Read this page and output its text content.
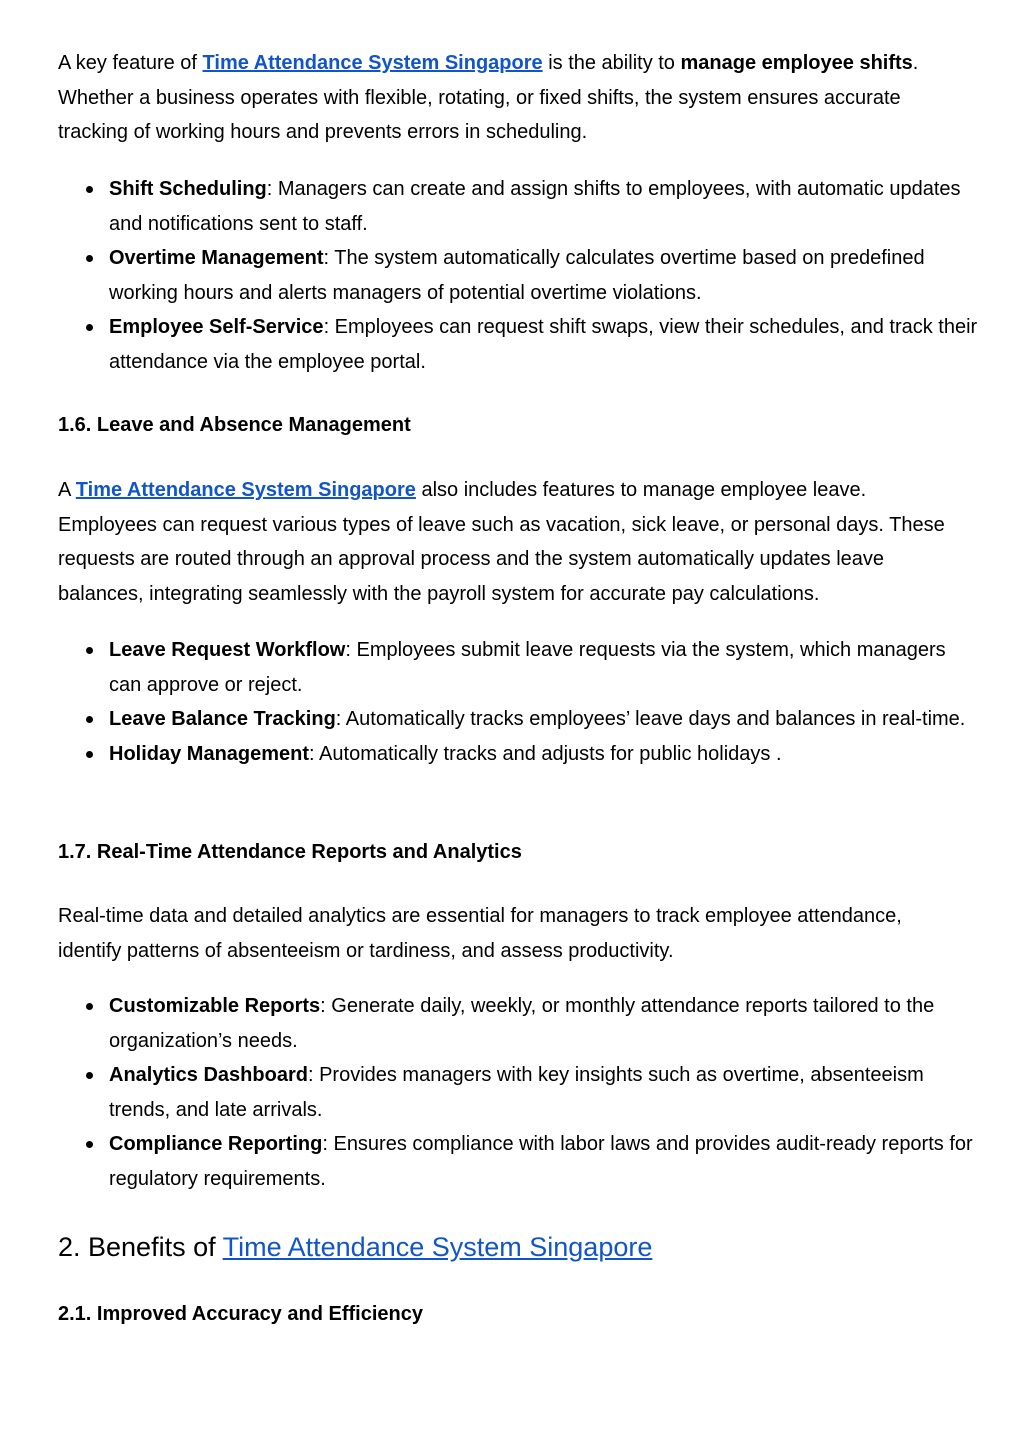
A key feature of Time Attendance System Singapore is the ability to manage employee shifts. Whether a business operates with flexible, rotating, or fixed shifts, the system ensures accurate tracking of working hours and prevents errors in scheduling.

Shift Scheduling: Managers can create and assign shifts to employees, with automatic updates and notifications sent to staff.
Overtime Management: The system automatically calculates overtime based on predefined working hours and alerts managers of potential overtime violations.
Employee Self-Service: Employees can request shift swaps, view their schedules, and track their attendance via the employee portal.
1.6. Leave and Absence Management

A Time Attendance System Singapore also includes features to manage employee leave. Employees can request various types of leave such as vacation, sick leave, or personal days. These requests are routed through an approval process and the system automatically updates leave balances, integrating seamlessly with the payroll system for accurate pay calculations.

Leave Request Workflow: Employees submit leave requests via the system, which managers can approve or reject.
Leave Balance Tracking: Automatically tracks employees’ leave days and balances in real-time.
Holiday Management: Automatically tracks and adjusts for public holidays .
1.7. Real-Time Attendance Reports and Analytics

Real-time data and detailed analytics are essential for managers to track employee attendance, identify patterns of absenteeism or tardiness, and assess productivity.

Customizable Reports: Generate daily, weekly, or monthly attendance reports tailored to the organization’s needs.
Analytics Dashboard: Provides managers with key insights such as overtime, absenteeism trends, and late arrivals.
Compliance Reporting: Ensures compliance with labor laws and provides audit-ready reports for regulatory requirements.
2. Benefits of Time Attendance System Singapore
2.1. Improved Accuracy and Efficiency
